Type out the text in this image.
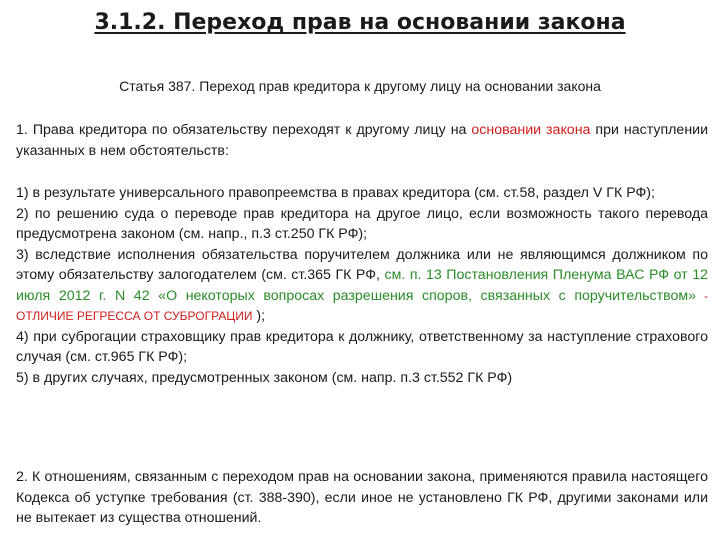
3.1.2. Переход прав на основании закона
Статья 387. Переход прав кредитора к другому лицу на основании закона

1. Права кредитора по обязательству переходят к другому лицу на основании закона при наступлении указанных в нем обстоятельств:

1) в результате универсального правопреемства в правах кредитора (см. ст.58, раздел V ГК РФ);

2) по решению суда о переводе прав кредитора на другое лицо, если возможность такого перевода предусмотрена законом (см. напр., п.3 ст.250 ГК РФ);

3) вследствие исполнения обязательства поручителем должника или не являющимся должником по этому обязательству залогодателем (см. ст.365 ГК РФ, см. п. 13 Постановления Пленума ВАС РФ от 12 июля 2012 г. N 42 «О некоторых вопросах разрешения споров, связанных с поручительством» - ОТЛИЧИЕ РЕГРЕССА ОТ СУБРОГРАЦИИ );

4) при суброгации страховщику прав кредитора к должнику, ответственному за наступление страхового случая (см. ст.965 ГК РФ);

5) в других случаях, предусмотренных законом (см. напр. п.3 ст.552 ГК РФ)

2. К отношениям, связанным с переходом прав на основании закона, применяются правила настоящего Кодекса об уступке требования (ст. 388-390), если иное не установлено ГК РФ, другими законами или не вытекает из существа отношений.
